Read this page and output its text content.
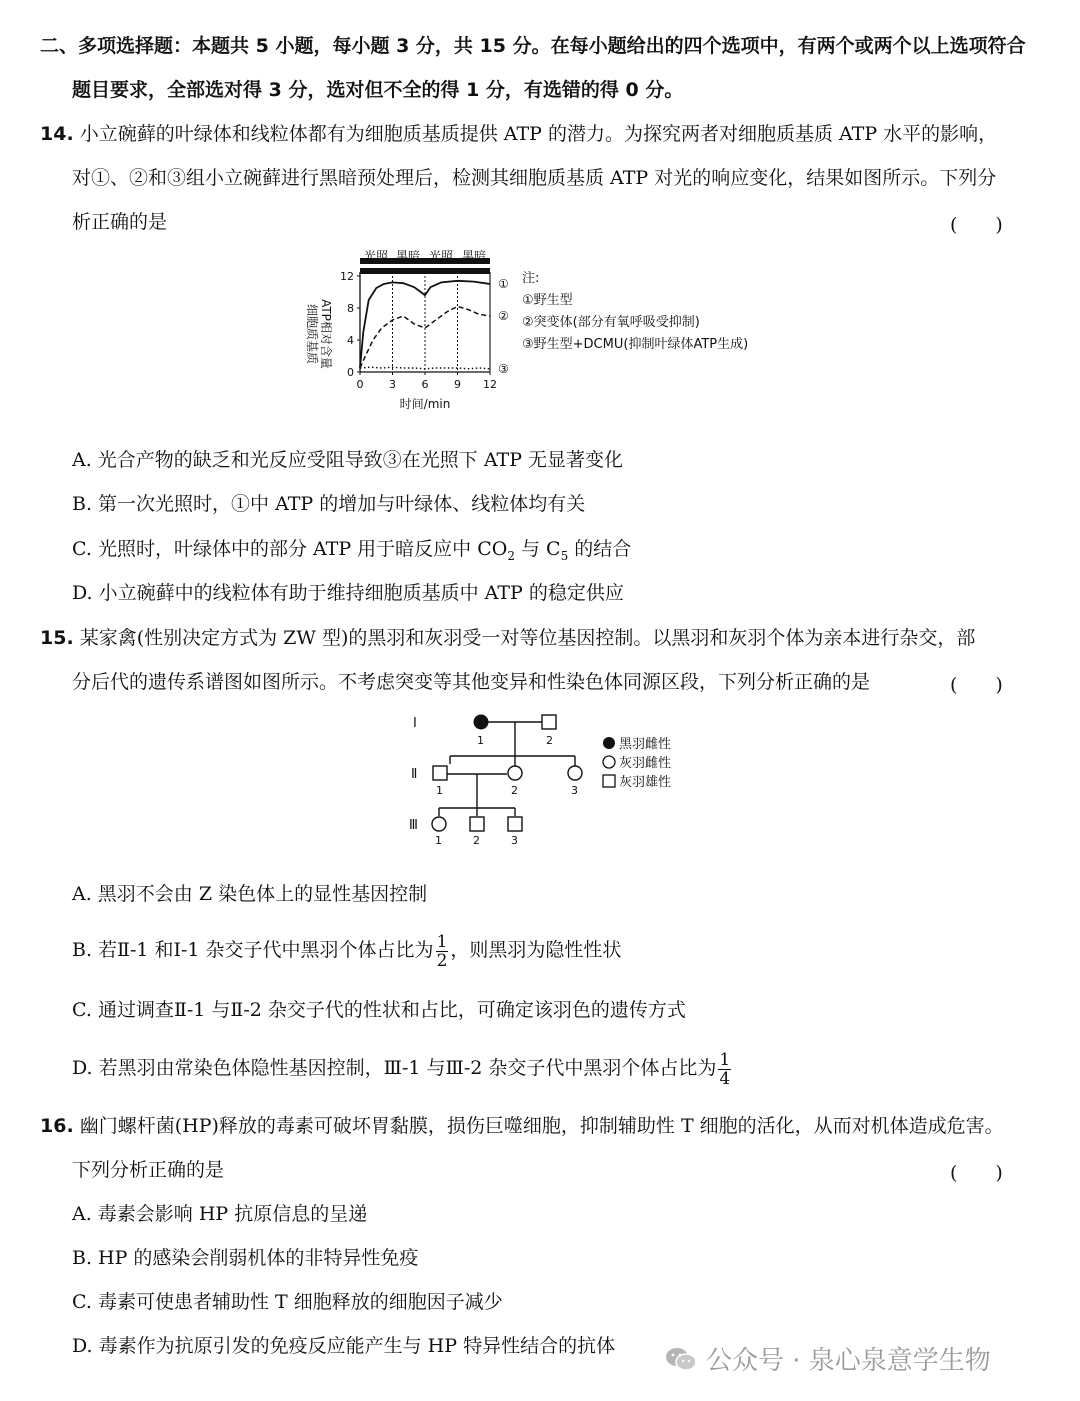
二、多项选择题：本题共 5 小题，每小题 3 分，共 15 分。在每小题给出的四个选项中，有两个或两个以上选项符合
题目要求，全部选对得 3 分，选对但不全的得 1 分，有选错的得 0 分。
14. 小立碗藓的叶绿体和线粒体都有为细胞质基质提供 ATP 的潜力。为探究两者对细胞质基质 ATP 水平的影响，
对①、②和③组小立碗藓进行黑暗预处理后，检测其细胞质基质 ATP 对光的响应变化，结果如图所示。下列分
析正确的是	(　　)
光照 黑暗 光照 黑暗
细胞质基质 ATP相对含量
0
4
8
12
0 3 6 9 12
①
②
③
时间/min
注:
①野生型
②突变体(部分有氧呼吸受抑制)
③野生型+DCMU(抑制叶绿体ATP生成)
A. 光合产物的缺乏和光反应受阻导致③在光照下 ATP 无显著变化
B. 第一次光照时，①中 ATP 的增加与叶绿体、线粒体均有关
C. 光照时，叶绿体中的部分 ATP 用于暗反应中 $CO_2$ 与 $C_5$ 的结合
D. 小立碗藓中的线粒体有助于维持细胞质基质中 ATP 的稳定供应
15. 某家禽(性别决定方式为 ZW 型)的黑羽和灰羽受一对等位基因控制。以黑羽和灰羽个体为亲本进行杂交，部
分后代的遗传系谱图如图所示。不考虑突变等其他变异和性染色体同源区段，下列分析正确的是	(　　)
Ⅰ
Ⅱ
Ⅲ
1	2
1	2	3
1	2	3
黑羽雌性
灰羽雌性
灰羽雄性
A. 黑羽不会由 Z 染色体上的显性基因控制
B. 若Ⅱ-1 和Ⅰ-1 杂交子代中黑羽个体占比为 $\frac{1}{2}$ ，则黑羽为隐性性状
C. 通过调查Ⅱ-1 与Ⅱ-2 杂交子代的性状和占比，可确定该羽色的遗传方式
D. 若黑羽由常染色体隐性基因控制，Ⅲ-1 与Ⅲ-2 杂交子代中黑羽个体占比为 $\frac{1}{4}$
16. 幽门螺杆菌(HP)释放的毒素可破坏胃黏膜，损伤巨噬细胞，抑制辅助性 T 细胞的活化，从而对机体造成危害。
下列分析正确的是	(　　)
A. 毒素会影响 HP 抗原信息的呈递
B. HP 的感染会削弱机体的非特异性免疫
C. 毒素可使患者辅助性 T 细胞释放的细胞因子减少
D. 毒素作为抗原引发的免疫反应能产生与 HP 特异性结合的抗体	公众号 · 泉心泉意学生物
